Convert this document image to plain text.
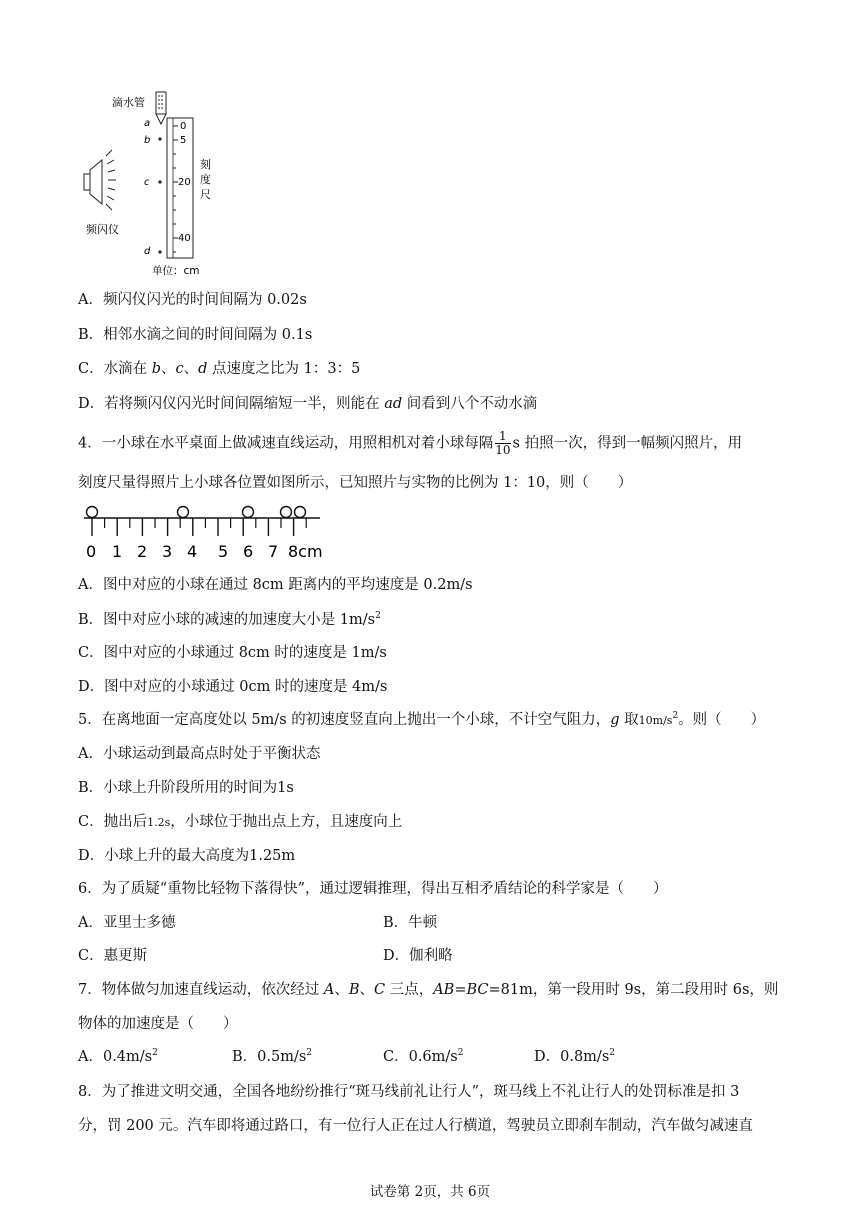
滴水管
a
b
c
d
0
5
20
40
刻
度
尺
频闪仪
单位：cm
A．频闪仪闪光的时间间隔为 0.02s
B．相邻水滴之间的时间间隔为 0.1s
C．水滴在 b、c、d 点速度之比为 1：3：5
D．若将频闪仪闪光时间间隔缩短一半，则能在 ad 间看到八个不动水滴
4．一小球在水平桌面上做减速直线运动，用照相机对着小球每隔 $\frac{1}{10}$ s 拍照一次，得到一幅频闪照片，用
刻度尺量得照片上小球各位置如图所示，已知照片与实物的比例为 1：10，则（　　）
0 1 2 3 4 5 6 7 8cm
A．图中对应的小球在通过 8cm 距离内的平均速度是 0.2m/s
B．图中对应小球的减速的加速度大小是 $1m/s^2$
C．图中对应的小球通过 8cm 时的速度是 1m/s
D．图中对应的小球通过 0cm 时的速度是 4m/s
5．在离地面一定高度处以 5m/s 的初速度竖直向上抛出一个小球，不计空气阻力，g 取$10m/s^2$。则（　　）
A．小球运动到最高点时处于平衡状态
B．小球上升阶段所用的时间为1s
C．抛出后1.2s，小球位于抛出点上方，且速度向上
D．小球上升的最大高度为1.25m
6．为了质疑“重物比轻物下落得快”，通过逻辑推理，得出互相矛盾结论的科学家是（　　）
A．亚里士多德	B．牛顿
C．惠更斯	D．伽利略
7．物体做匀加速直线运动，依次经过 A、B、C 三点，AB=BC=81m，第一段用时 9s，第二段用时 6s，则
物体的加速度是（　　）
A．$0.4m/s^2$	B．$0.5m/s^2$	C．$0.6m/s^2$	D．$0.8m/s^2$
8．为了推进文明交通，全国各地纷纷推行“斑马线前礼让行人”，斑马线上不礼让行人的处罚标准是扣 3
分，罚 200 元。汽车即将通过路口，有一位行人正在过人行横道，驾驶员立即刹车制动，汽车做匀减速直
试卷第 2页，共 6页
